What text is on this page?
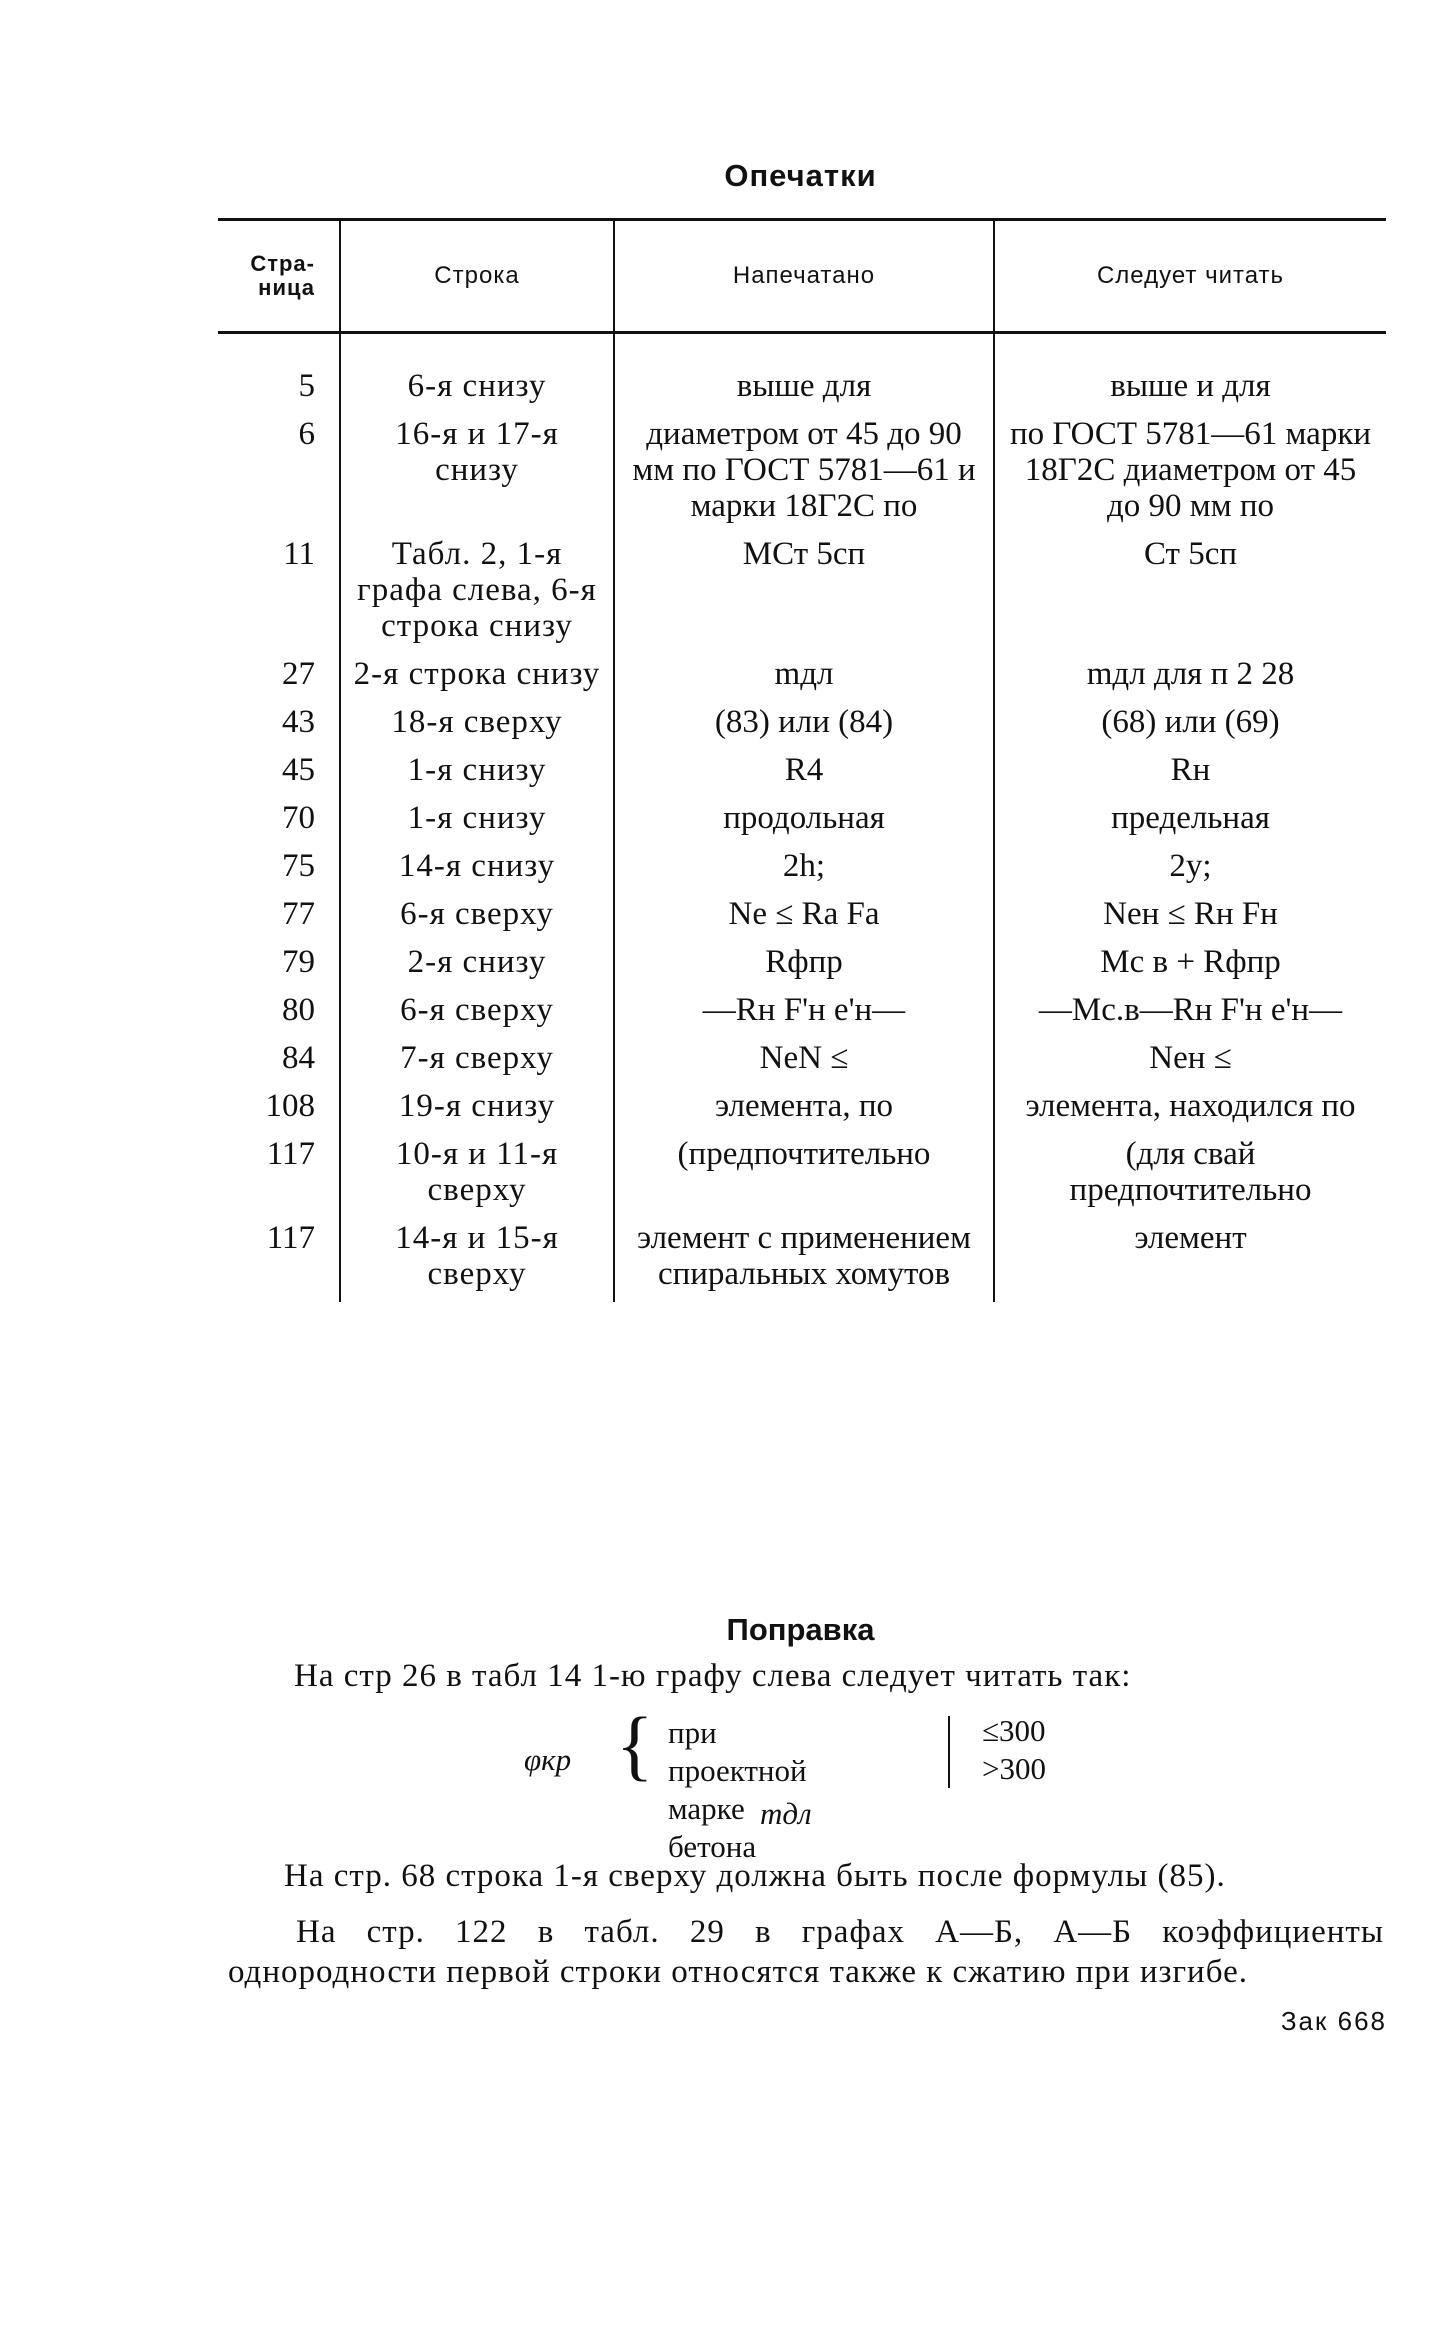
Опечатки
Стра-
ница	Строка	Напечатано	Следует читать
5	6-я снизу	выше для	выше и для
6	16-я и 17-я снизу	диаметром от 45 до 90 мм по ГОСТ 5781—61 и марки 18Г2С по	по ГОСТ 5781—61 марки 18Г2С диаметром от 45 до 90 мм по
11	Табл. 2, 1-я графа слева, 6-я строка снизу	МСт 5сп	Ст 5сп
27	2-я строка снизу	mдл	mдл для п 2 28
43	18-я сверху	(83) или (84)	(68) или (69)
45	1-я снизу	R4	Rн
70	1-я снизу	продольная	предельная
75	14-я снизу	2h;	2y;
77	6-я сверху	Ne ≤ Ra Fa	Neн ≤ Rн Fн
79	2-я снизу	Rфпр	Mс в + Rфпр
80	6-я сверху	—Rн F'н e'н—	—Mс.в—Rн F'н e'н—
84	7-я сверху	NeN ≤	Neн ≤
108	19-я снизу	элемента, по	элемента, находился по
117	10-я и 11-я сверху	(предпочтительно	(для свай предпочтительно
117	14-я и 15-я сверху	элемент с применением спиральных хомутов	элемент
Поправка
На стр 26 в табл 14 1-ю графу слева следует читать так:
φкр { при проектной
марке бетона
≤300
>300
mдл
На стр. 68 строка 1-я сверху должна быть после формулы (85).
На стр. 122 в табл. 29 в графах А—Б, А—Б коэффициенты однородности первой строки относятся также к сжатию при изгибе.
Зак 668
